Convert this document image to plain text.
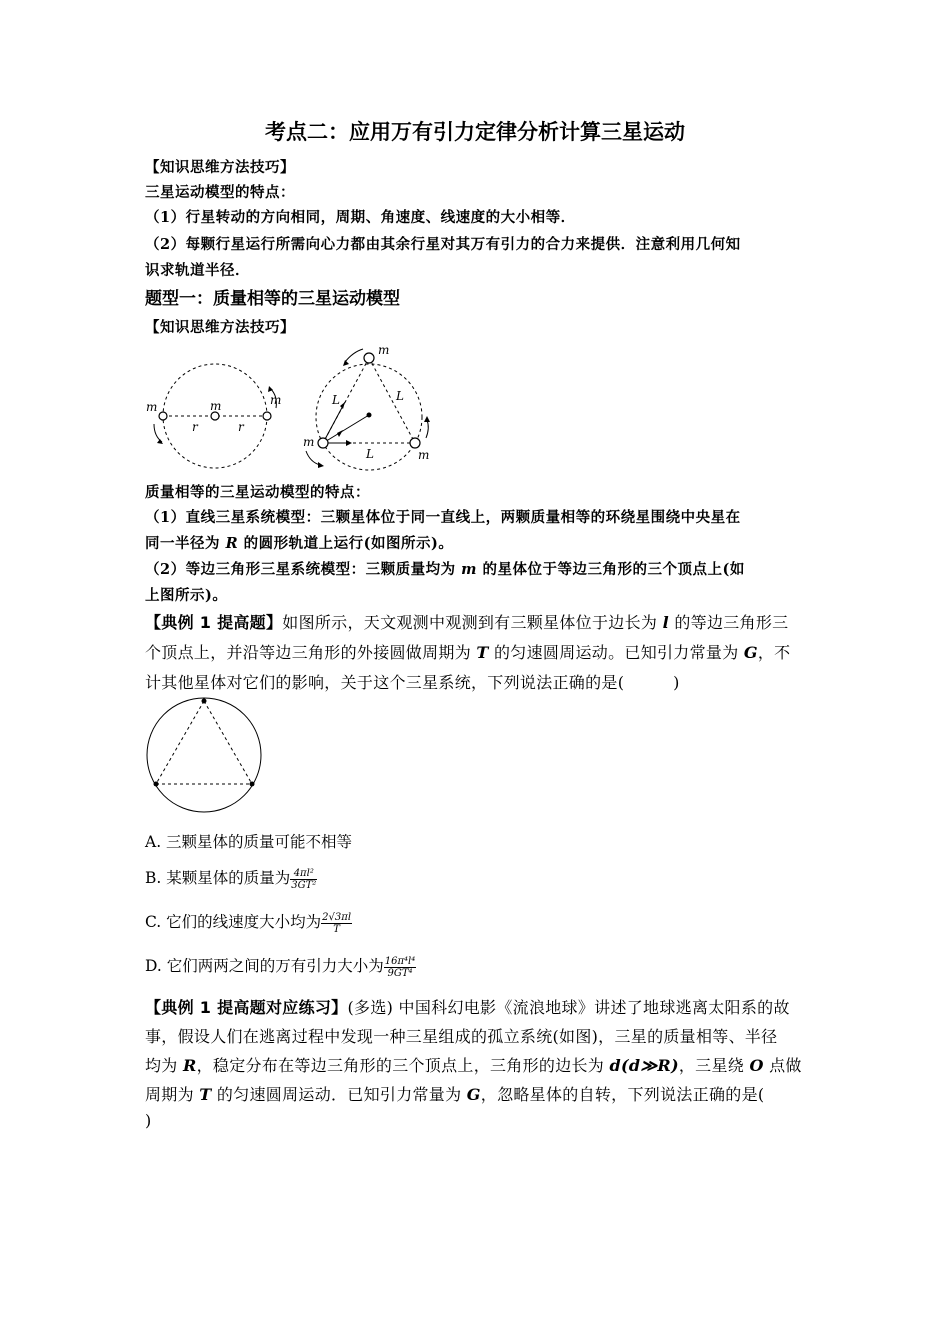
考点二：应用万有引力定律分析计算三星运动
【知识思维方法技巧】
三星运动模型的特点：
（1）行星转动的方向相同，周期、角速度、线速度的大小相等．
（2）每颗行星运行所需向心力都由其余行星对其万有引力的合力来提供．注意利用几何知
识求轨道半径．
题型一：质量相等的三星运动模型
【知识思维方法技巧】
m	m	m
r	r
m
m
m
L	L
L
质量相等的三星运动模型的特点：
（1）直线三星系统模型：三颗星体位于同一直线上，两颗质量相等的环绕星围绕中央星在
同一半径为 R 的圆形轨道上运行(如图所示)。
（2）等边三角形三星系统模型：三颗质量均为 m 的星体位于等边三角形的三个顶点上(如
上图所示)。
【典例 1 提高题】如图所示，天文观测中观测到有三颗星体位于边长为 l 的等边三角形三
个顶点上，并沿等边三角形的外接圆做周期为 T 的匀速圆周运动。已知引力常量为 G，不
计其他星体对它们的影响，关于这个三星系统，下列说法正确的是(　　　)
A. 三颗星体的质量可能不相等
B. 某颗星体的质量为 $\frac{\text{4πl²}}{\text{3GT²}}$
C. 它们的线速度大小均为 $\frac{2√3\pi l}{T}$
D. 它们两两之间的万有引力大小为 $\frac{\text{16π⁴l⁴}}{\text{9GT⁴}}$
【典例 1 提高题对应练习】(多选) 中国科幻电影《流浪地球》讲述了地球逃离太阳系的故
事，假设人们在逃离过程中发现一种三星组成的孤立系统(如图)，三星的质量相等、半径
均为 R，稳定分布在等边三角形的三个顶点上，三角形的边长为 d(d≫R)，三星绕 O 点做
周期为 T 的匀速圆周运动．已知引力常量为 G，忽略星体的自转，下列说法正确的是(
)
